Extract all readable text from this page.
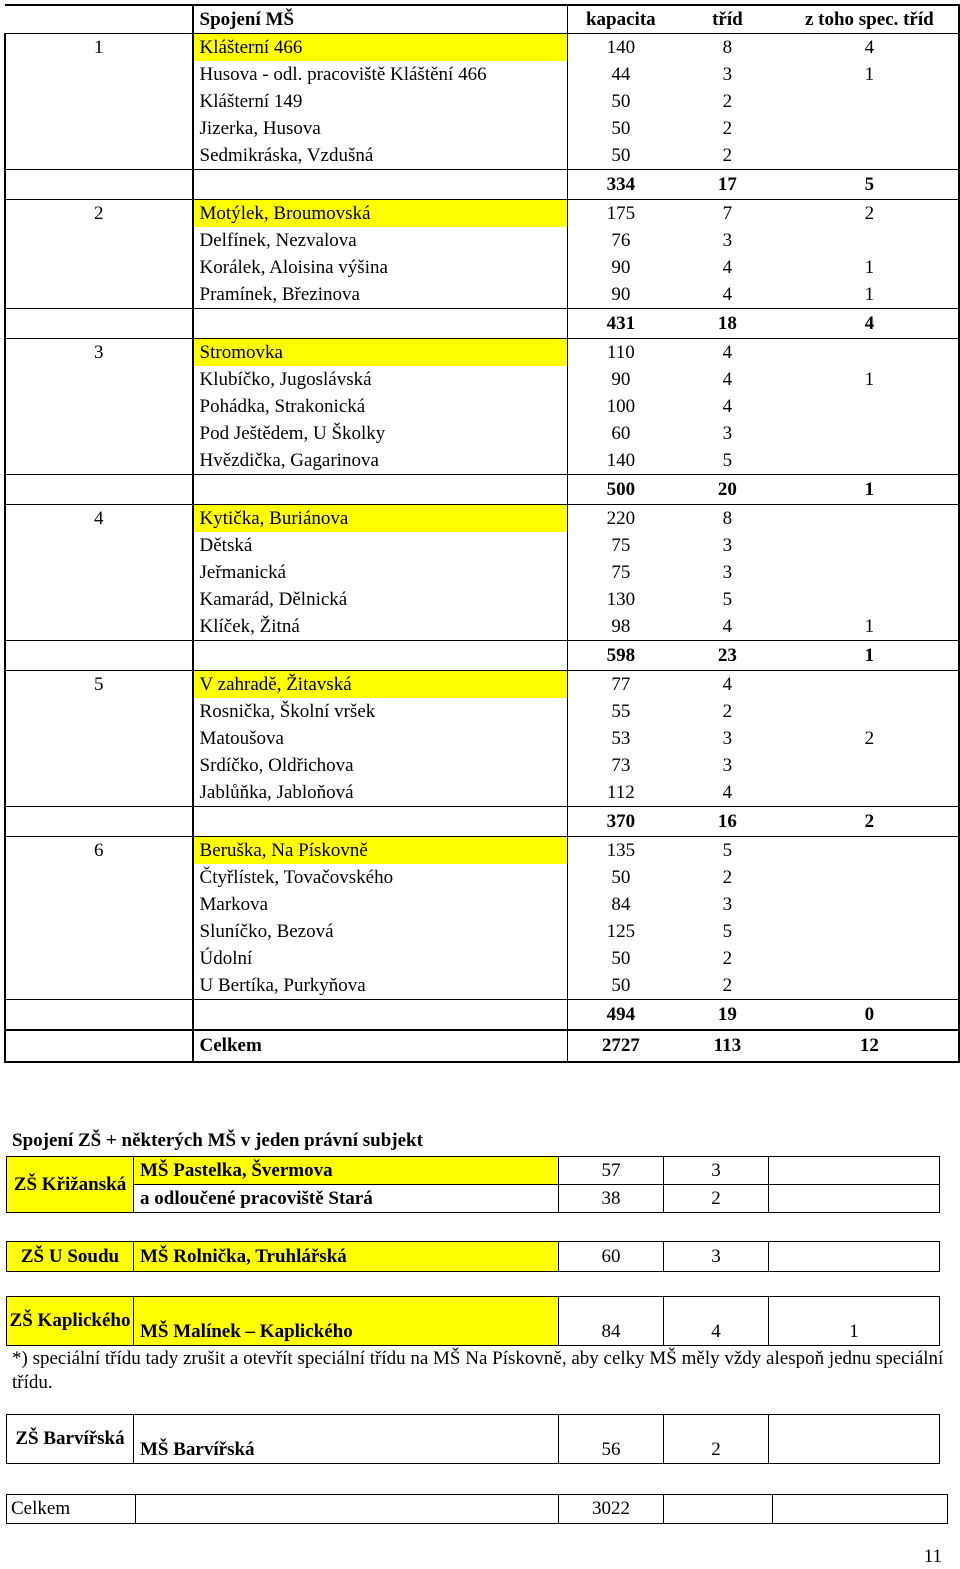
	Spojení MŠ	kapacita	tříd	z toho spec. tříd
1	Klášterní 466	140	8	4
	Husova - odl. pracoviště Kláštění 466	44	3	1
	Klášterní 149	50	2	
	Jizerka, Husova	50	2	
	Sedmikráska, Vzdušná	50	2	
		334	17	5
2	Motýlek, Broumovská	175	7	2
	Delfínek, Nezvalova	76	3	
	Korálek, Aloisina výšina	90	4	1
	Pramínek, Březinova	90	4	1
		431	18	4
3	Stromovka	110	4	
	Klubíčko, Jugoslávská	90	4	1
	Pohádka, Strakonická	100	4	
	Pod Ještědem, U Školky	60	3	
	Hvězdička, Gagarinova	140	5	
		500	20	1
4	Kytička, Buriánova	220	8	
	Dětská	75	3	
	Jeřmanická	75	3	
	Kamarád, Dělnická	130	5	
	Klíček, Žitná	98	4	1
		598	23	1
5	V zahradě, Žitavská	77	4	
	Rosnička, Školní vršek	55	2	
	Matoušova	53	3	2
	Srdíčko, Oldřichova	73	3	
	Jablůňka, Jabloňová	112	4	
		370	16	2
6	Beruška, Na Pískovně	135	5	
	Čtyřlístek, Tovačovského	50	2	
	Markova	84	3	
	Sluníčko, Bezová	125	5	
	Údolní	50	2	
	U Bertíka, Purkyňova	50	2	
		494	19	0
	Celkem	2727	113	12
Spojení ZŠ + některých MŠ v jeden právní subjekt
ZŠ Křižanská	MŠ Pastelka, Švermova	57	3	
	a odloučené pracoviště Stará	38	2	
ZŠ U Soudu	MŠ Rolnička, Truhlářská	60	3	
ZŠ Kaplického	MŠ Malínek – Kaplického	84	4	1
*) speciální třídu tady zrušit a otevřít speciální třídu na MŠ Na Pískovně, aby celky MŠ měly vždy alespoň jednu speciální třídu.
ZŠ Barvířská	MŠ Barvířská	56	2	
Celkem		3022		
11
